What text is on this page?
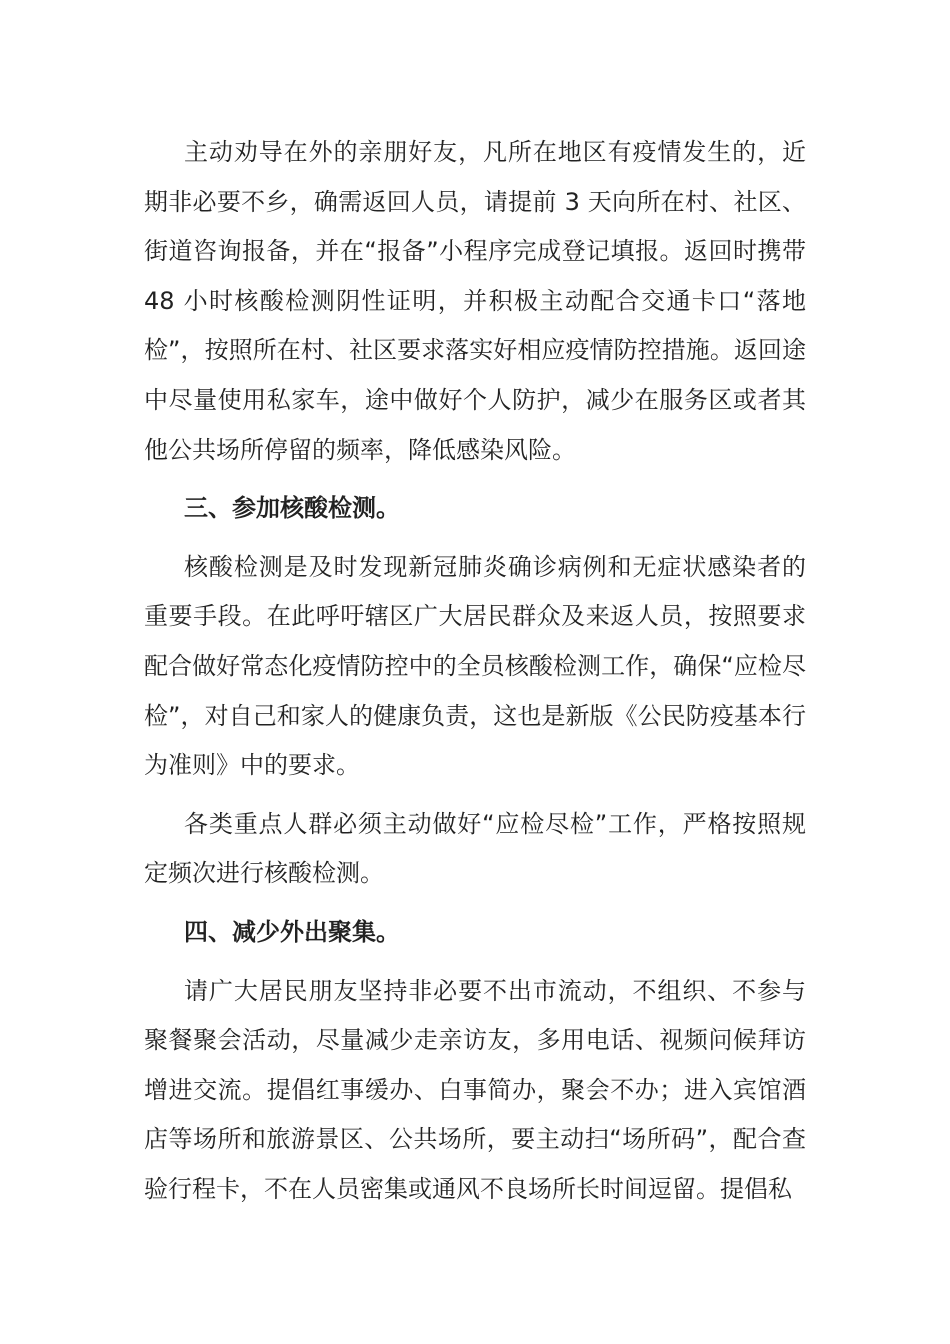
主动劝导在外的亲朋好友，凡所在地区有疫情发生的，近期非必要不乡，确需返回人员，请提前 3 天向所在村、社区、街道咨询报备，并在“报备”小程序完成登记填报。返回时携带 48 小时核酸检测阴性证明，并积极主动配合交通卡口“落地检”，按照所在村、社区要求落实好相应疫情防控措施。返回途中尽量使用私家车，途中做好个人防护，减少在服务区或者其他公共场所停留的频率，降低感染风险。

三、参加核酸检测。

核酸检测是及时发现新冠肺炎确诊病例和无症状感染者的重要手段。在此呼吁辖区广大居民群众及来返人员，按照要求配合做好常态化疫情防控中的全员核酸检测工作，确保“应检尽检”，对自己和家人的健康负责，这也是新版《公民防疫基本行为准则》中的要求。

各类重点人群必须主动做好“应检尽检”工作，严格按照规定频次进行核酸检测。

四、减少外出聚集。

请广大居民朋友坚持非必要不出市流动，不组织、不参与聚餐聚会活动，尽量减少走亲访友，多用电话、视频问候拜访增进交流。提倡红事缓办、白事简办，聚会不办；进入宾馆酒店等场所和旅游景区、公共场所，要主动扫“场所码”，配合查验行程卡，不在人员密集或通风不良场所长时间逗留。提倡私
